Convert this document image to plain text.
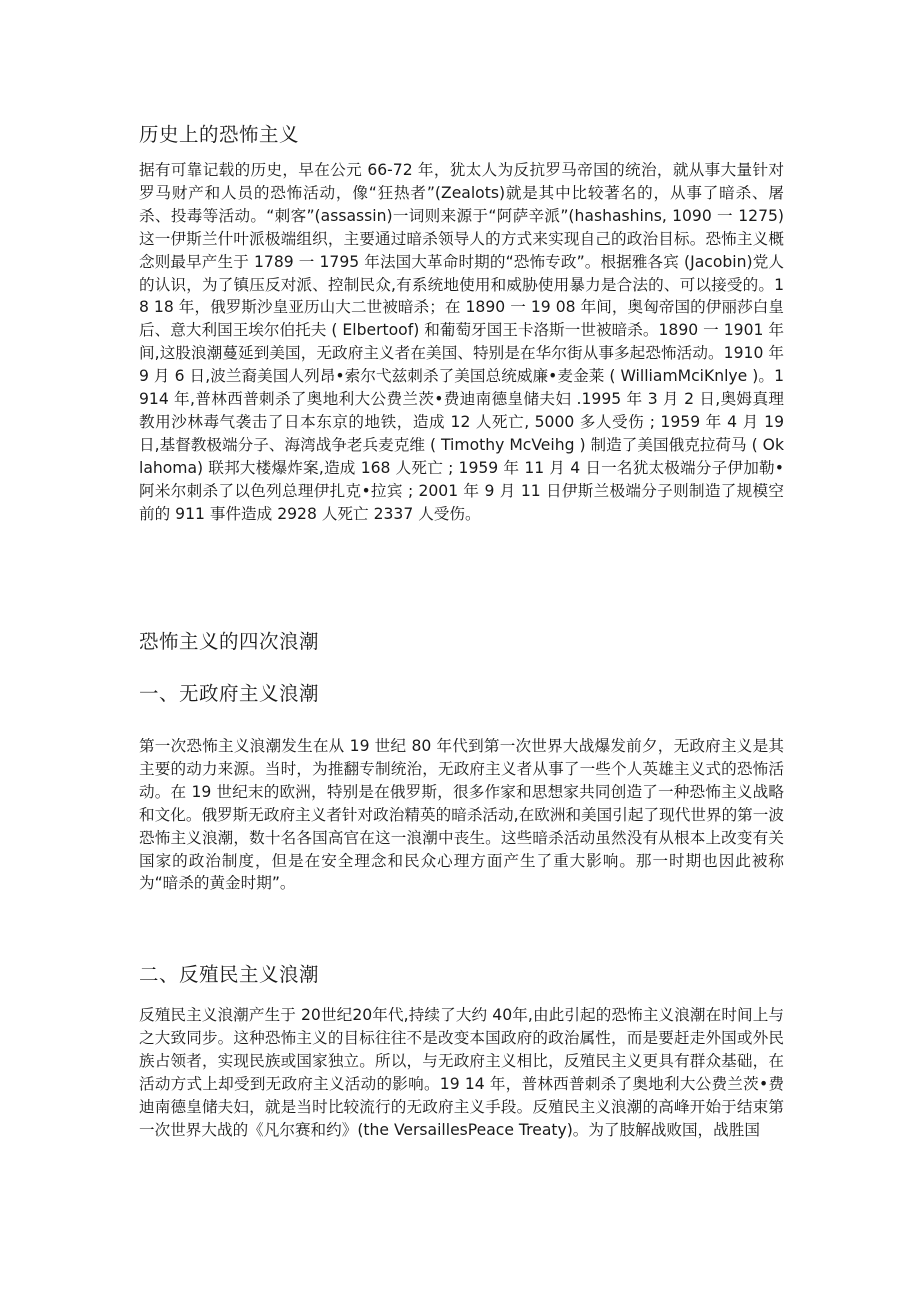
历史上的恐怖主义

据有可靠记载的历史，早在公元 66-72 年，犹太人为反抗罗马帝国的统治，就从事大量针对罗马财产和人员的恐怖活动，像“狂热者”(Zealots)就是其中比较著名的，从事了暗杀、屠杀、投毒等活动。“刺客”(assassin)一词则来源于“阿萨辛派”(hashashins, 1090 一 1275)这一伊斯兰什叶派极端组织，主要通过暗杀领导人的方式来实现自己的政治目标。恐怖主义概念则最早产生于 1789 一 1795 年法国大革命时期的“恐怖专政”。根据雅各宾 (Jacobin)党人的认识，为了镇压反对派、控制民众,有系统地使用和威胁使用暴力是合法的、可以接受的。18 18 年，俄罗斯沙皇亚历山大二世被暗杀；在 1890 一 19 08 年间，奥匈帝国的伊丽莎白皇后、意大利国王埃尔伯托夫 ( Elbertoof) 和葡萄牙国王卡洛斯一世被暗杀。1890 一 1901 年间,这股浪潮蔓延到美国，无政府主义者在美国、特别是在华尔街从事多起恐怖活动。1910 年 9 月 6 日,波兰裔美国人列昂•索尔弋兹刺杀了美国总统威廉•麦金莱 ( WilliamMciKnlye )。1914 年,普林西普刺杀了奥地利大公费兰茨•费迪南德皇储夫妇 .1995 年 3 月 2 日,奥姆真理教用沙林毒气袭击了日本东京的地铁，造成 12 人死亡, 5000 多人受伤 ; 1959 年 4 月 19 日,基督教极端分子、海湾战争老兵麦克维 ( Timothy McVeihg ) 制造了美国俄克拉荷马 ( Oklahoma) 联邦大楼爆炸案,造成 168 人死亡 ; 1959 年 11 月 4 日一名犹太极端分子伊加勒•阿米尔刺杀了以色列总理伊扎克•拉宾 ; 2001 年 9 月 11 日伊斯兰极端分子则制造了规模空前的 911 事件造成 2928 人死亡 2337 人受伤。

恐怖主义的四次浪潮
一、无政府主义浪潮

第一次恐怖主义浪潮发生在从 19 世纪 80 年代到第一次世界大战爆发前夕，无政府主义是其主要的动力来源。当时，为推翻专制统治，无政府主义者从事了一些个人英雄主义式的恐怖活动。在 19 世纪末的欧洲，特别是在俄罗斯，很多作家和思想家共同创造了一种恐怖主义战略和文化。俄罗斯无政府主义者针对政治精英的暗杀活动,在欧洲和美国引起了现代世界的第一波恐怖主义浪潮，数十名各国高官在这一浪潮中丧生。这些暗杀活动虽然没有从根本上改变有关国家的政治制度，但是在安全理念和民众心理方面产生了重大影响。那一时期也因此被称为“暗杀的黄金时期”。

二、反殖民主义浪潮

反殖民主义浪潮产生于 20世纪20年代,持续了大约 40年,由此引起的恐怖主义浪潮在时间上与之大致同步。这种恐怖主义的目标往往不是改变本国政府的政治属性，而是要赶走外国或外民族占领者，实现民族或国家独立。所以，与无政府主义相比，反殖民主义更具有群众基础，在活动方式上却受到无政府主义活动的影响。19 14 年，普林西普刺杀了奥地利大公费兰茨•费迪南德皇储夫妇，就是当时比较流行的无政府主义手段。反殖民主义浪潮的高峰开始于结束第一次世界大战的《凡尔赛和约》(the VersaillesPeace Treaty)。为了肢解战败国，战胜国
